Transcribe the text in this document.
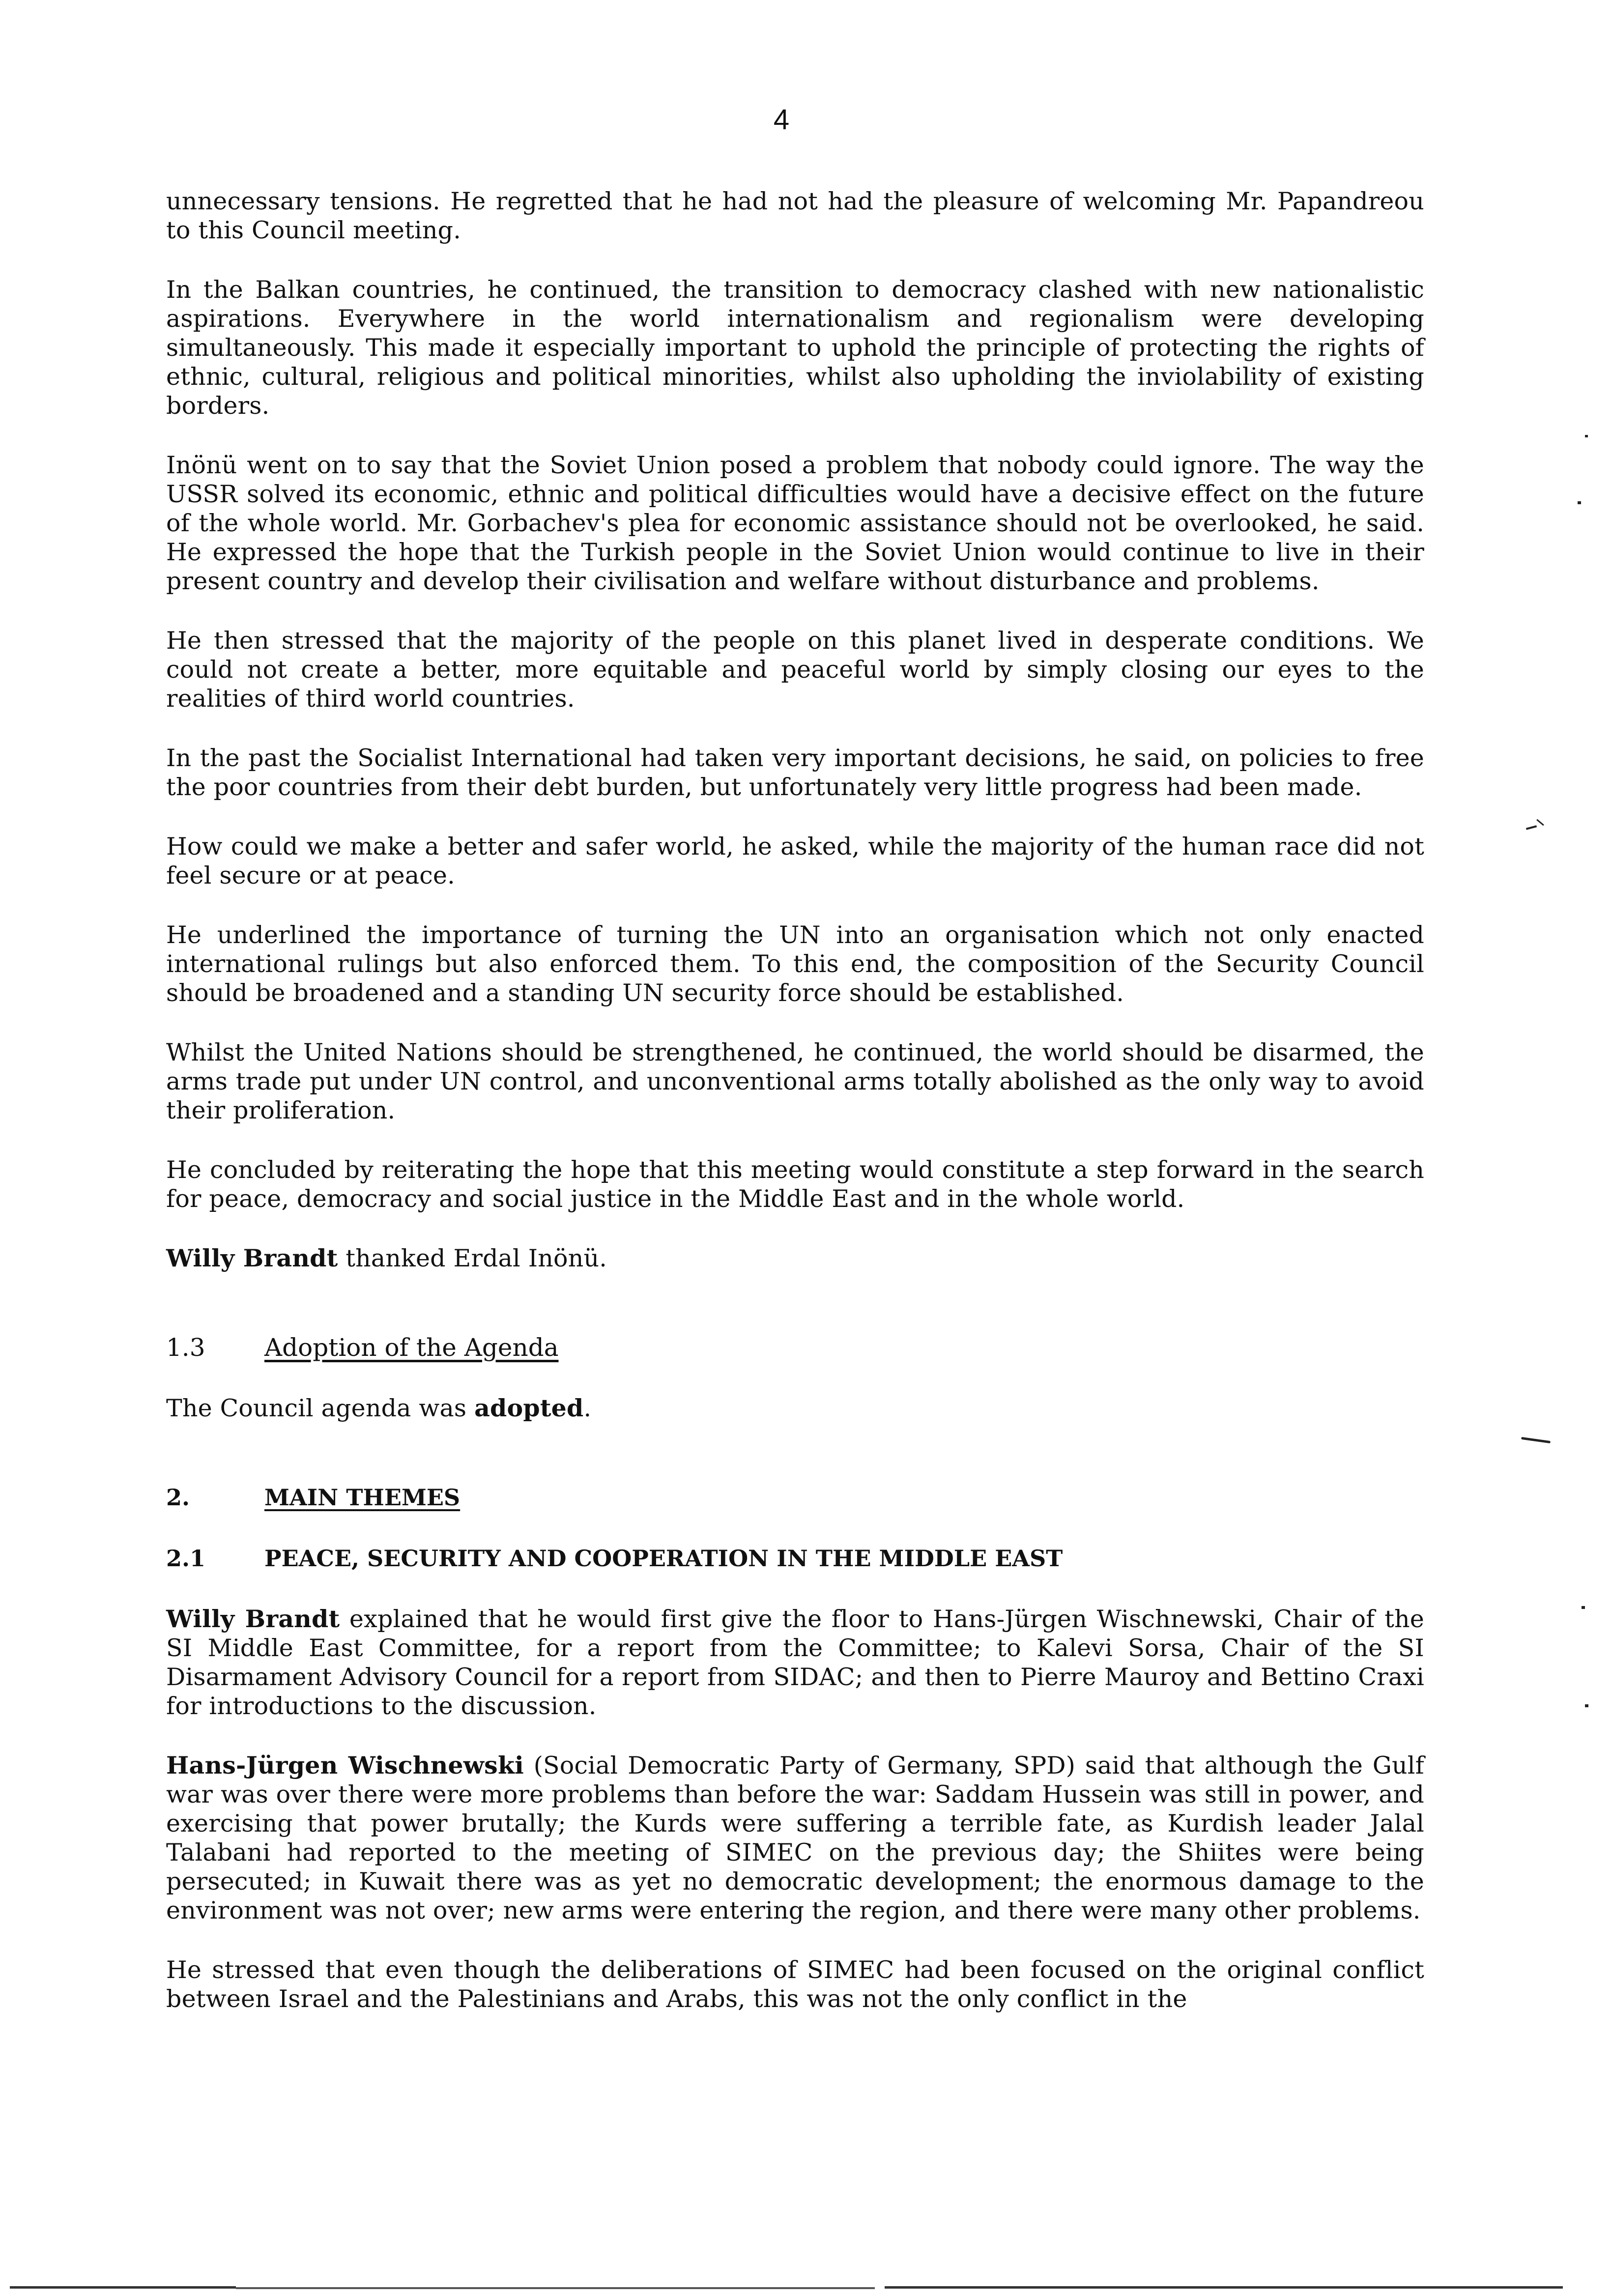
4

unnecessary tensions. He regretted that he had not had the pleasure of welcoming Mr. Papandreou to this Council meeting.

In the Balkan countries, he continued, the transition to democracy clashed with new nationalistic aspirations. Everywhere in the world internationalism and regionalism were developing simultaneously. This made it especially important to uphold the principle of protecting the rights of ethnic, cultural, religious and political minorities, whilst also upholding the inviolability of existing borders.

Inönü went on to say that the Soviet Union posed a problem that nobody could ignore. The way the USSR solved its economic, ethnic and political difficulties would have a decisive effect on the future of the whole world. Mr. Gorbachev's plea for economic assistance should not be overlooked, he said. He expressed the hope that the Turkish people in the Soviet Union would continue to live in their present country and develop their civilisation and welfare without disturbance and problems.

He then stressed that the majority of the people on this planet lived in desperate conditions. We could not create a better, more equitable and peaceful world by simply closing our eyes to the realities of third world countries.

In the past the Socialist International had taken very important decisions, he said, on policies to free the poor countries from their debt burden, but unfortunately very little progress had been made.

How could we make a better and safer world, he asked, while the majority of the human race did not feel secure or at peace.

He underlined the importance of turning the UN into an organisation which not only enacted international rulings but also enforced them. To this end, the composition of the Security Council should be broadened and a standing UN security force should be established.

Whilst the United Nations should be strengthened, he continued, the world should be disarmed, the arms trade put under UN control, and unconventional arms totally abolished as the only way to avoid their proliferation.

He concluded by reiterating the hope that this meeting would constitute a step forward in the search for peace, democracy and social justice in the Middle East and in the whole world.

Willy Brandt thanked Erdal Inönü.

1.3	Adoption of the Agenda

The Council agenda was adopted.

2.	MAIN THEMES
2.1	PEACE, SECURITY AND COOPERATION IN THE MIDDLE EAST

Willy Brandt explained that he would first give the floor to Hans-Jürgen Wischnewski, Chair of the SI Middle East Committee, for a report from the Committee; to Kalevi Sorsa, Chair of the SI Disarmament Advisory Council for a report from SIDAC; and then to Pierre Mauroy and Bettino Craxi for introductions to the discussion.

Hans-Jürgen Wischnewski (Social Democratic Party of Germany, SPD) said that although the Gulf war was over there were more problems than before the war: Saddam Hussein was still in power, and exercising that power brutally; the Kurds were suffering a terrible fate, as Kurdish leader Jalal Talabani had reported to the meeting of SIMEC on the previous day; the Shiites were being persecuted; in Kuwait there was as yet no democratic development; the enormous damage to the environment was not over; new arms were entering the region, and there were many other problems.

He stressed that even though the deliberations of SIMEC had been focused on the original conflict between Israel and the Palestinians and Arabs, this was not the only conflict in the
